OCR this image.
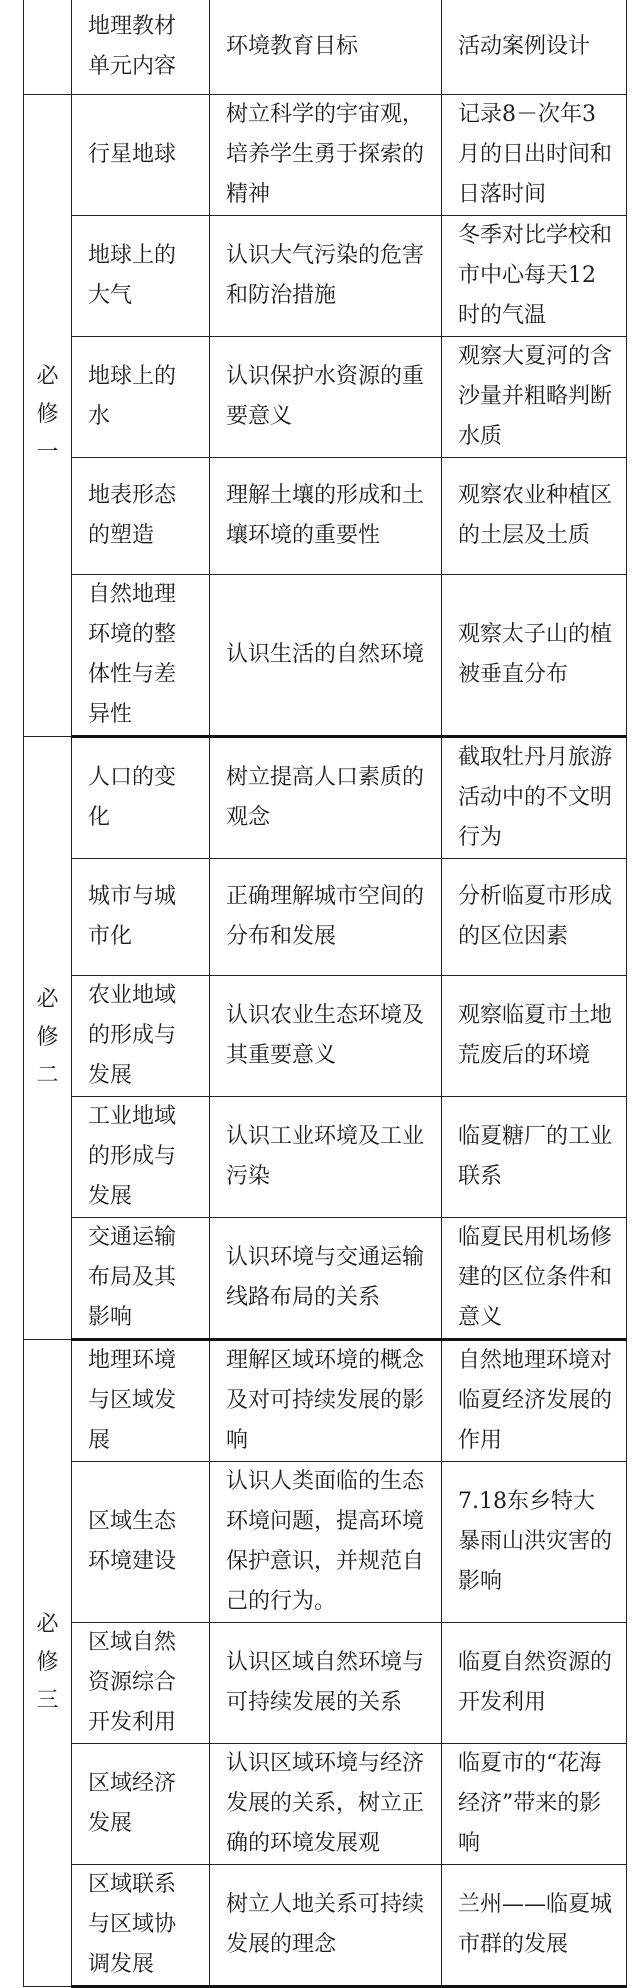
	地理教材单元内容	环境教育目标	活动案例设计
必修一	行星地球	树立科学的宇宙观，培养学生勇于探索的精神	记录8－次年3月的日出时间和日落时间
	地球上的大气	认识大气污染的危害和防治措施	冬季对比学校和市中心每天12时的气温
	地球上的水	认识保护水资源的重要意义	观察大夏河的含沙量并粗略判断水质
	地表形态的塑造	理解土壤的形成和土壤环境的重要性	观察农业种植区的土层及土质
	自然地理环境的整体性与差异性	认识生活的自然环境	观察太子山的植被垂直分布
必修二	人口的变化	树立提高人口素质的观念	截取牡丹月旅游活动中的不文明行为
	城市与城市化	正确理解城市空间的分布和发展	分析临夏市形成的区位因素
	农业地域的形成与发展	认识农业生态环境及其重要意义	观察临夏市土地荒废后的环境
	工业地域的形成与发展	认识工业环境及工业污染	临夏糖厂的工业联系
	交通运输布局及其影响	认识环境与交通运输线路布局的关系	临夏民用机场修建的区位条件和意义
必修三	地理环境与区域发展	理解区域环境的概念及对可持续发展的影响	自然地理环境对临夏经济发展的作用
	区域生态环境建设	认识人类面临的生态环境问题，提高环境保护意识，并规范自己的行为。	7.18东乡特大暴雨山洪灾害的影响
	区域自然资源综合开发利用	认识区域自然环境与可持续发展的关系	临夏自然资源的开发利用
	区域经济发展	认识区域环境与经济发展的关系，树立正确的环境发展观	临夏市的“花海经济”带来的影响
	区域联系与区域协调发展	树立人地关系可持续发展的理念	兰州——临夏城市群的发展
